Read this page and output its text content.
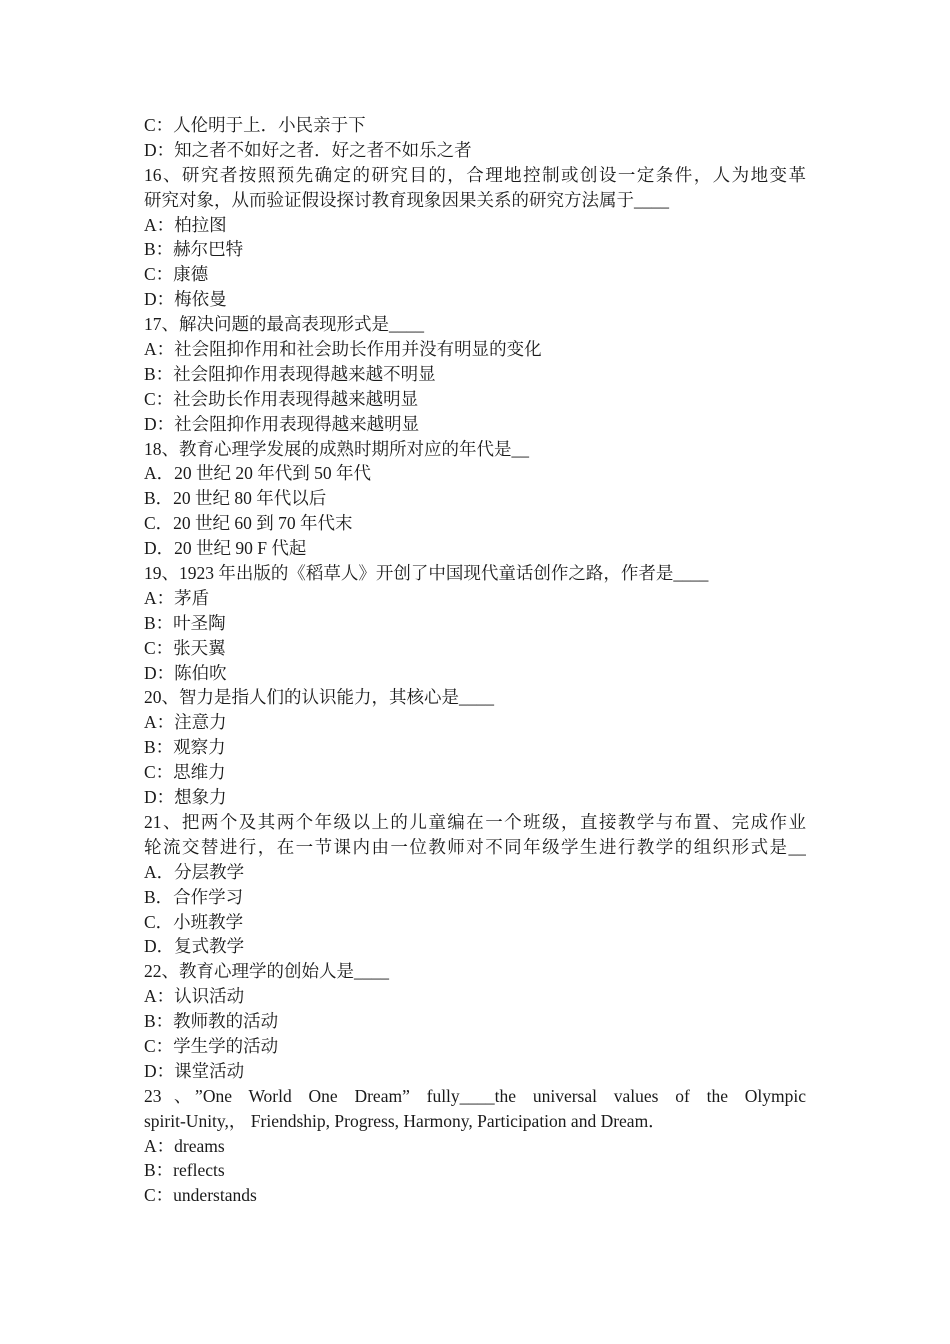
C：人伦明于上．小民亲于下
D：知之者不如好之者．好之者不如乐之者
16、研究者按照预先确定的研究目的，合理地控制或创设一定条件，人为地变革
研究对象，从而验证假设探讨教育现象因果关系的研究方法属于____
A：柏拉图
B：赫尔巴特
C：康德
D：梅依曼
17、解决问题的最高表现形式是____
A：社会阻抑作用和社会助长作用并没有明显的变化
B：社会阻抑作用表现得越来越不明显
C：社会助长作用表现得越来越明显
D：社会阻抑作用表现得越来越明显
18、教育心理学发展的成熟时期所对应的年代是__
A．20 世纪 20 年代到 50 年代
B．20 世纪 80 年代以后
C．20 世纪 60 到 70 年代末
D．20 世纪 90 F 代起
19、1923 年出版的《稻草人》开创了中国现代童话创作之路，作者是____
A：茅盾
B：叶圣陶
C：张天翼
D：陈伯吹
20、智力是指人们的认识能力，其核心是____
A：注意力
B：观察力
C：思维力
D：想象力
21、把两个及其两个年级以上的儿童编在一个班级，直接教学与布置、完成作业
轮流交替进行，在一节课内由一位教师对不同年级学生进行教学的组织形式是__
A．分层教学
B．合作学习
C．小班教学
D．复式教学
22、教育心理学的创始人是____
A：认识活动
B：教师教的活动
C：学生学的活动
D：课堂活动
23、”One World One Dream” fully____the universal values of the Olympic
spirit-Unity,， Friendship, Progress, Harmony, Participation and Dream．
A：dreams
B：reflects
C：understands
